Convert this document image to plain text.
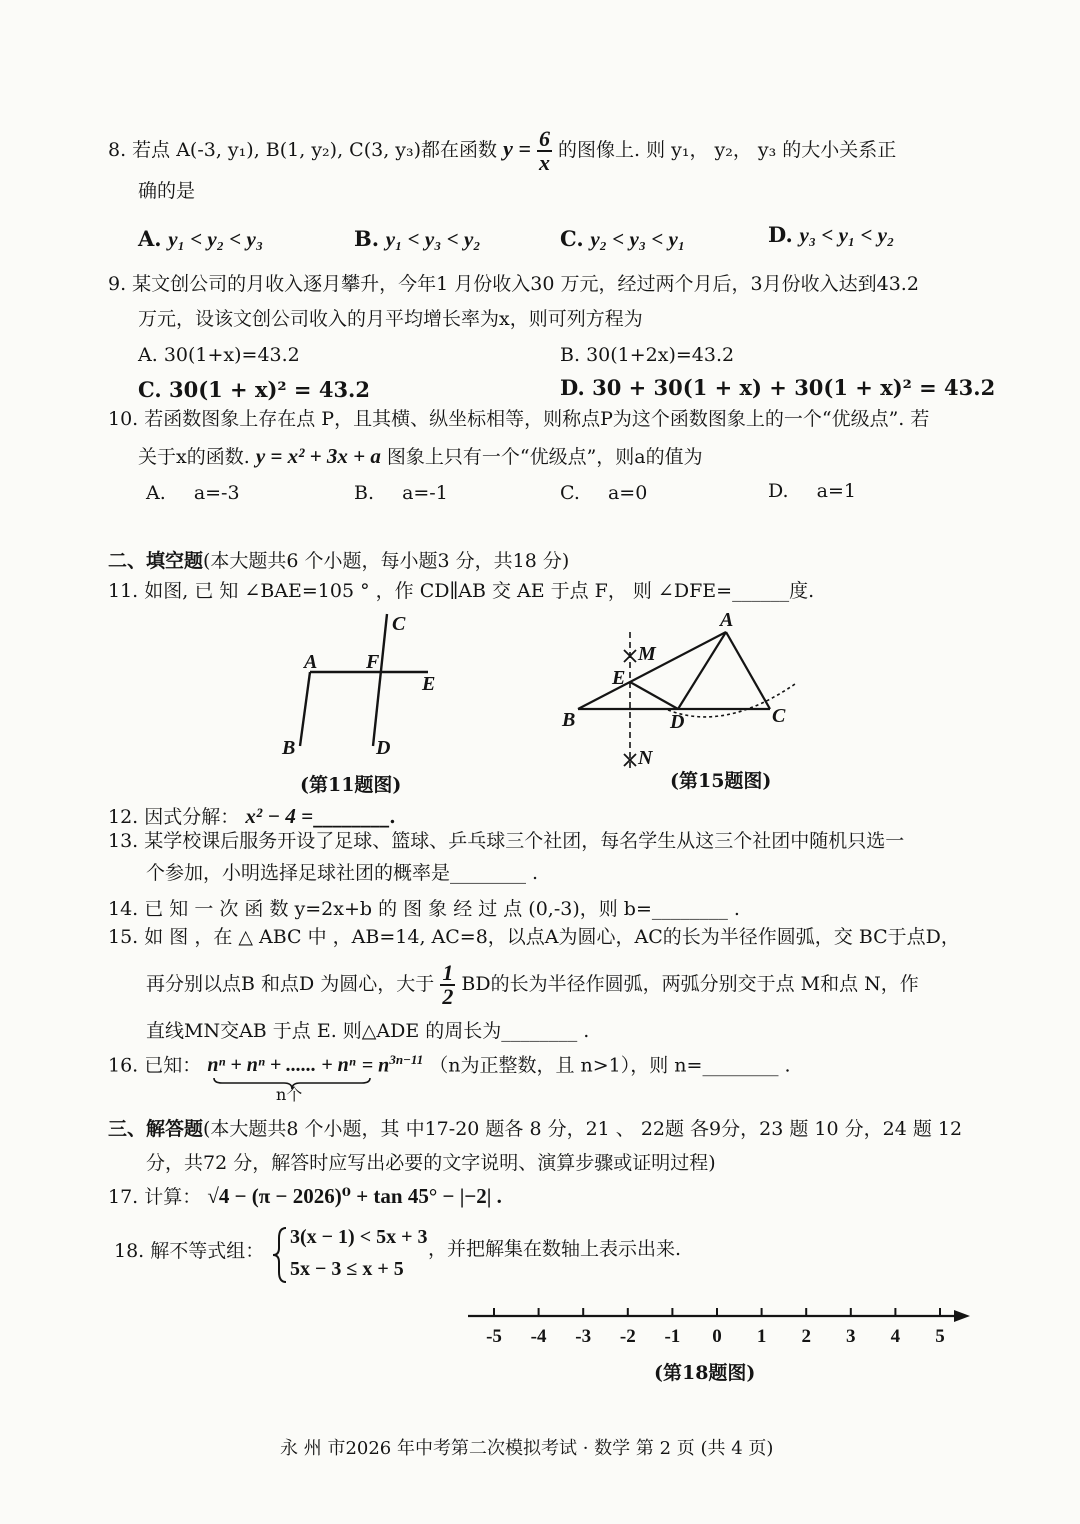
8. 若点 A(-3, y₁), B(1, y₂), C(3, y₃)都在函数 $y = \frac{6}{x}$ 的图像上. 则 y₁， y₂， y₃ 的大小关系正
确的是
A. y₁ < y₂ < y₃	B. y₁ < y₃ < y₂	C. y₂ < y₃ < y₁	D. y₃ < y₁ < y₂
9. 某文创公司的月收入逐月攀升，今年1 月份收入30 万元，经过两个月后，3月份收入达到43.2
万元，设该文创公司收入的月平均增长率为x，则可列方程为
A. 30(1+x)=43.2	B. 30(1+2x)=43.2
C. 30(1 + x)² = 43.2	D. 30 + 30(1 + x) + 30(1 + x)² = 43.2
10. 若函数图象上存在点 P，且其横、纵坐标相等，则称点P为这个函数图象上的一个“优级点”. 若
关于x的函数. y = x² + 3x + a 图象上只有一个“优级点”，则a的值为
A. a=-3	B. a=-1	C. a=0	D. a=1
二、填空题(本大题共6 个小题，每小题3 分，共18 分)
11. 如图, 已 知 ∠BAE=105 ° ，作 CD∥AB 交 AE 于点 F， 则 ∠DFE=______度.
A F
E
B
C
D
(第11题图)
A
M
E
B	D	C
N
(第15题图)
12. 因式分解： x² − 4 =________.
13. 某学校课后服务开设了足球、篮球、乒乓球三个社团，每名学生从这三个社团中随机只选一
个参加，小明选择足球社团的概率是________ .
14. 已 知 一 次 函 数 y=2x+b 的 图 象 经 过 点 (0,-3)，则 b=________ .
15. 如 图 ，在 △ ABC 中 ，AB=14, AC=8，以点A为圆心，AC的长为半径作圆弧，交 BC于点D，
再分别以点B 和点D 为圆心，大于 $\frac{1}{2}$ BD的长为半径作圆弧，两弧分别交于点 M和点 N，作
直线MN交AB 于点 E. 则△ADE 的周长为________ .
16. 已知： nⁿ + nⁿ + ...... + $n^n = n^{3n-11}$ （n为正整数，且 n>1），则 n=________ .
n个
三、解答题(本大题共8 个小题，其 中17-20 题各 8 分，21 、 22题 各9分，23 题 10 分，24 题 12
分，共72 分，解答时应写出必要的文字说明、演算步骤或证明过程)
17. 计算： √4 − (π − 2026)⁰ + tan 45° − |−2| .
18. 解不等式组：
3(x − 1) < 5x + 3
5x − 3 ≤ x + 5
，并把解集在数轴上表示出来.
-5 -4 -3 -2 -1 0 1 2 3 4 5
(第18题图)
永 州 市2026 年中考第二次模拟考试 · 数学 第 2 页 (共 4 页)
